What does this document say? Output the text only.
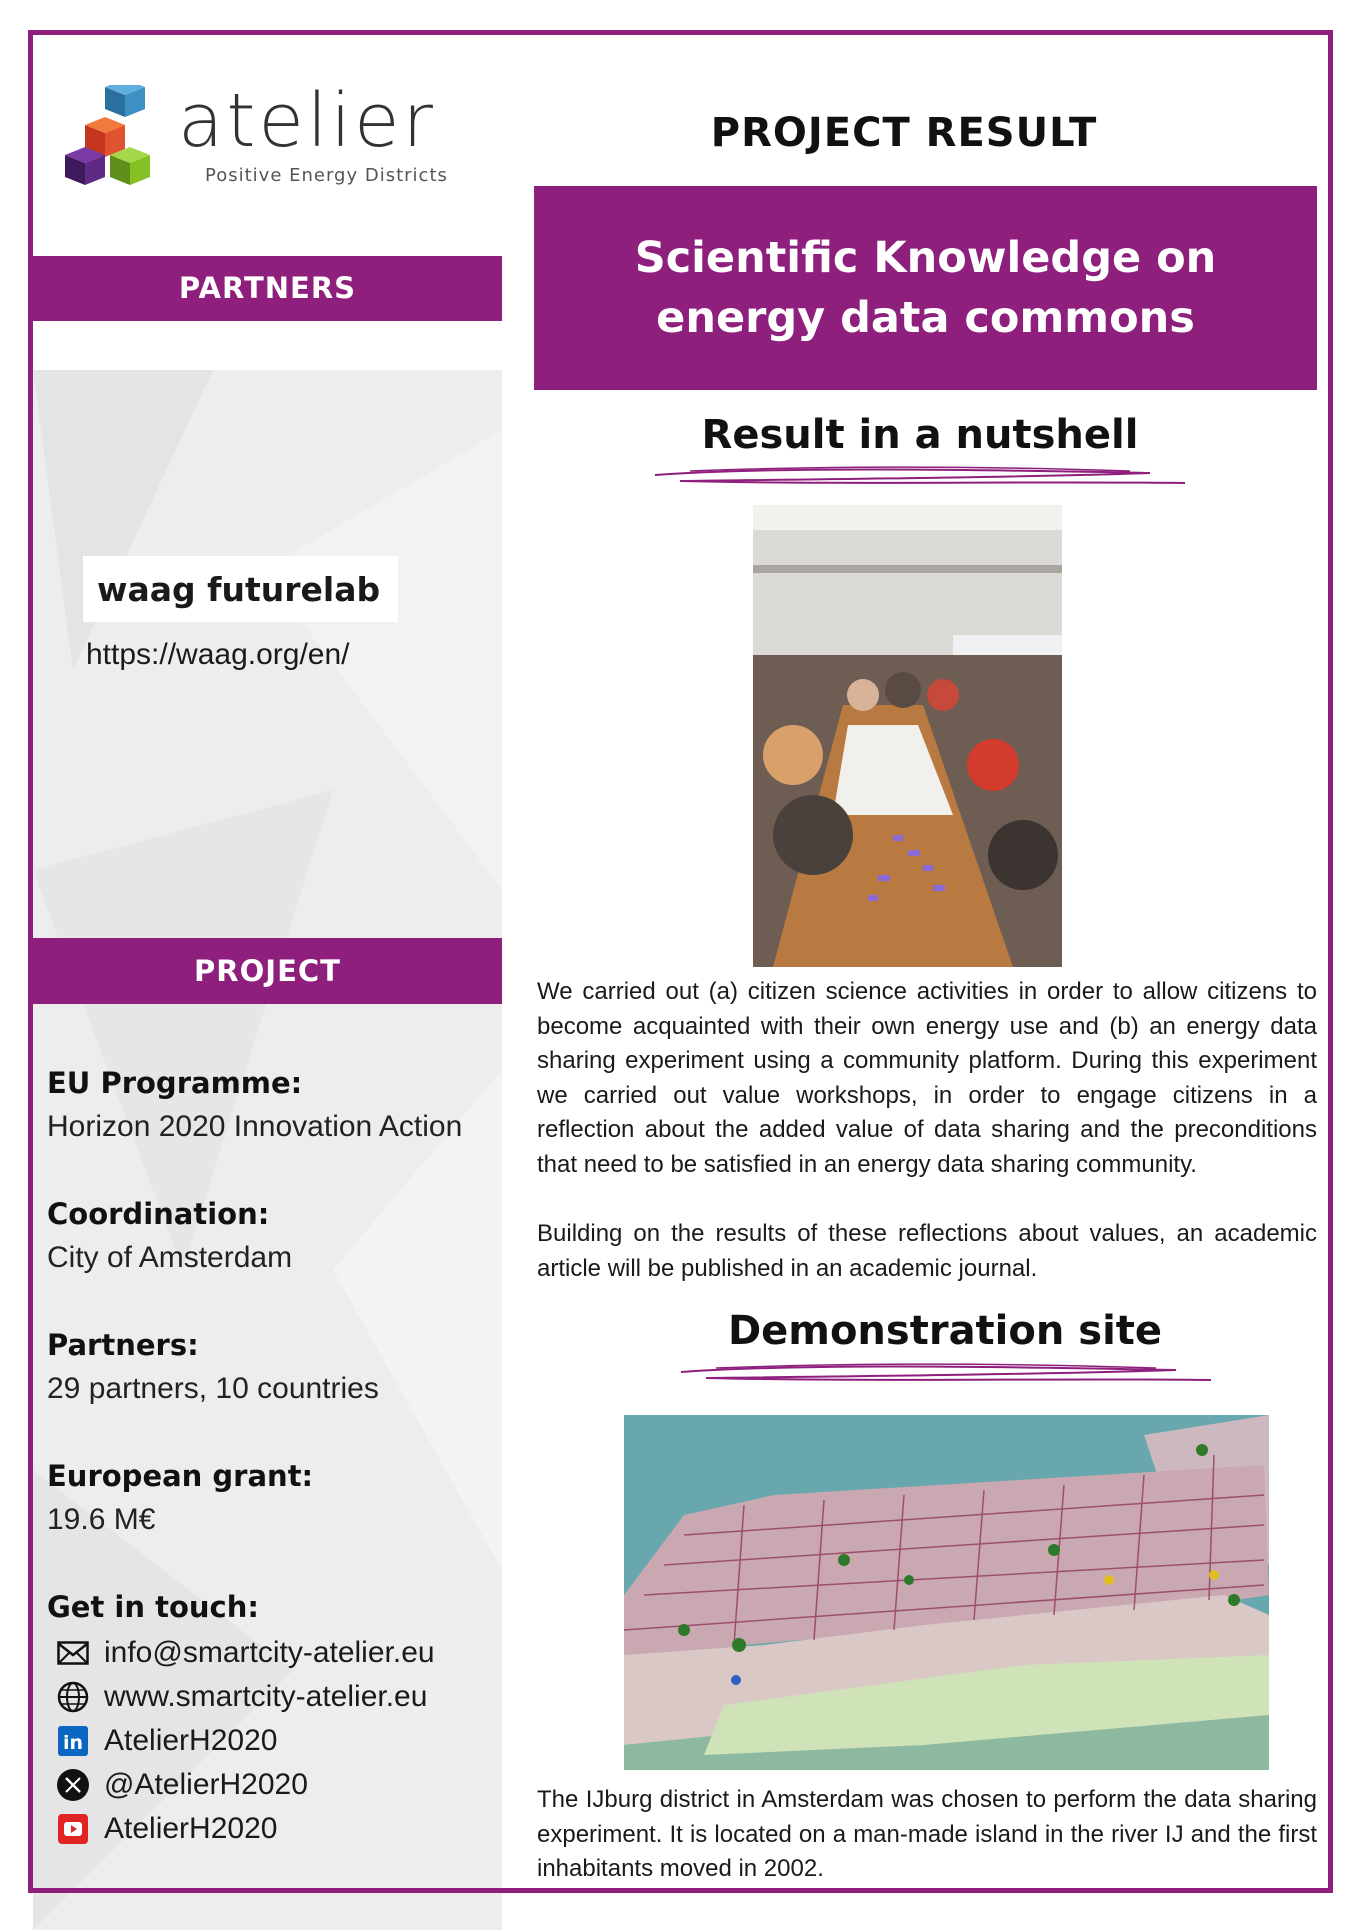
atelier
Positive Energy Districts
PARTNERS
waag futurelab
https://waag.org/en/
PROJECT
EU Programme:
Horizon 2020 Innovation Action
Coordination:
City of Amsterdam
Partners:
29 partners, 10 countries
European grant:
19.6 M€
Get in touch:
info@smartcity-atelier.eu
www.smartcity-atelier.eu
in AtelierH2020
@AtelierH2020
AtelierH2020
PROJECT RESULT
Scientific Knowledge on energy data commons
Result in a nutshell
We carried out (a) citizen science activities in order to allow citizens to become acquainted with their own energy use and (b) an energy data sharing experiment using a community platform. During this experiment we carried out value workshops, in order to engage citizens in a reflection about the added value of data sharing and the preconditions that need to be satisfied in an energy data sharing community.
Building on the results of these reflections about values, an academic article will be published in an academic journal.
Demonstration site
The IJburg district in Amsterdam was chosen to perform the data sharing experiment. It is located on a man-made island in the river IJ and the first inhabitants moved in 2002.
